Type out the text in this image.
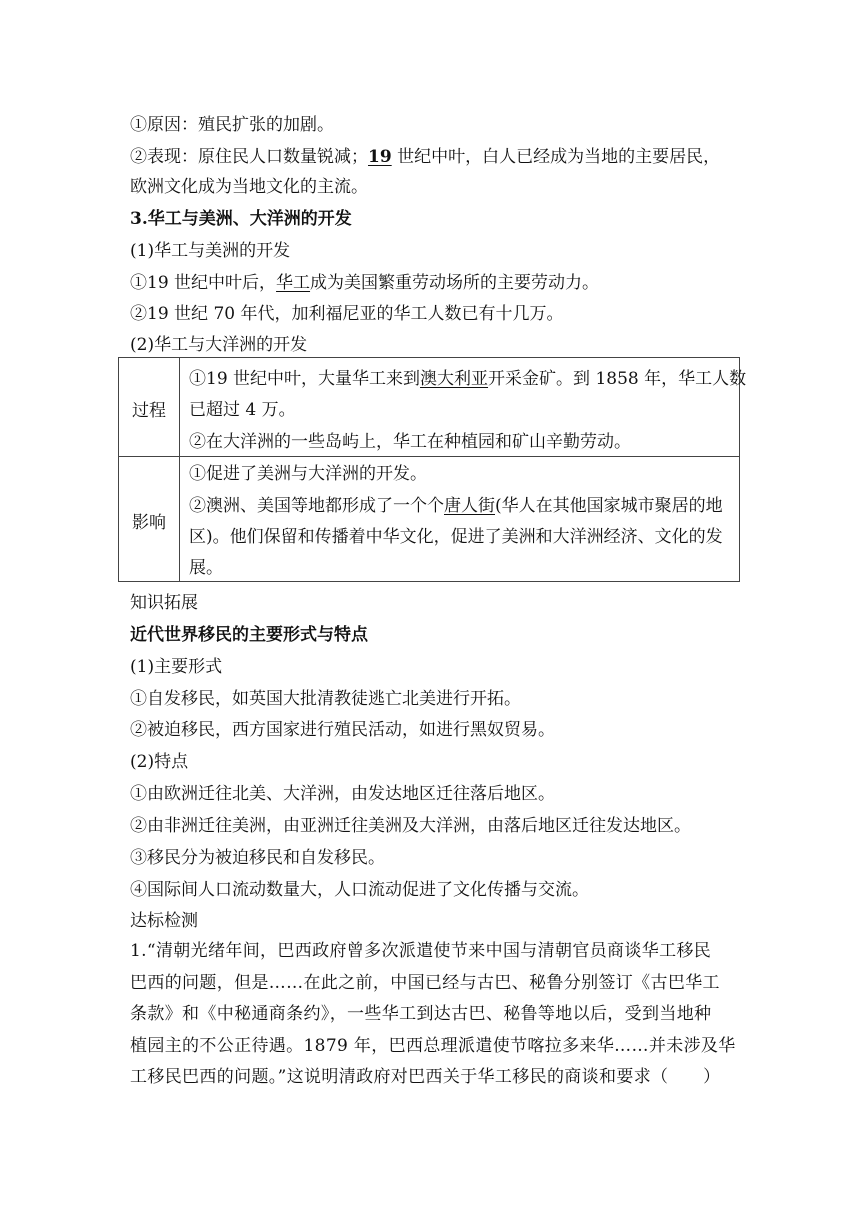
①原因：殖民扩张的加剧。
②表现：原住民人口数量锐减；19 世纪中叶，白人已经成为当地的主要居民，
欧洲文化成为当地文化的主流。
3.华工与美洲、大洋洲的开发
(1)华工与美洲的开发
①19 世纪中叶后，华工成为美国繁重劳动场所的主要劳动力。
②19 世纪 70 年代，加利福尼亚的华工人数已有十几万。
(2)华工与大洋洲的开发
过程
①19 世纪中叶，大量华工来到澳大利亚开采金矿。到 1858 年，华工人数
已超过 4 万。
②在大洋洲的一些岛屿上，华工在种植园和矿山辛勤劳动。
影响
①促进了美洲与大洋洲的开发。
②澳洲、美国等地都形成了一个个唐人街(华人在其他国家城市聚居的地
区)。他们保留和传播着中华文化，促进了美洲和大洋洲经济、文化的发
展。
知识拓展
近代世界移民的主要形式与特点
(1)主要形式
①自发移民，如英国大批清教徒逃亡北美进行开拓。
②被迫移民，西方国家进行殖民活动，如进行黑奴贸易。
(2)特点
①由欧洲迁往北美、大洋洲，由发达地区迁往落后地区。
②由非洲迁往美洲，由亚洲迁往美洲及大洋洲，由落后地区迁往发达地区。
③移民分为被迫移民和自发移民。
④国际间人口流动数量大，人口流动促进了文化传播与交流。
达标检测
1.“清朝光绪年间，巴西政府曾多次派遣使节来中国与清朝官员商谈华工移民
巴西的问题，但是……在此之前，中国已经与古巴、秘鲁分别签订《古巴华工
条款》和《中秘通商条约》，一些华工到达古巴、秘鲁等地以后，受到当地种
植园主的不公正待遇。1879 年，巴西总理派遣使节喀拉多来华……并未涉及华
工移民巴西的问题。”这说明清政府对巴西关于华工移民的商谈和要求（　　）
